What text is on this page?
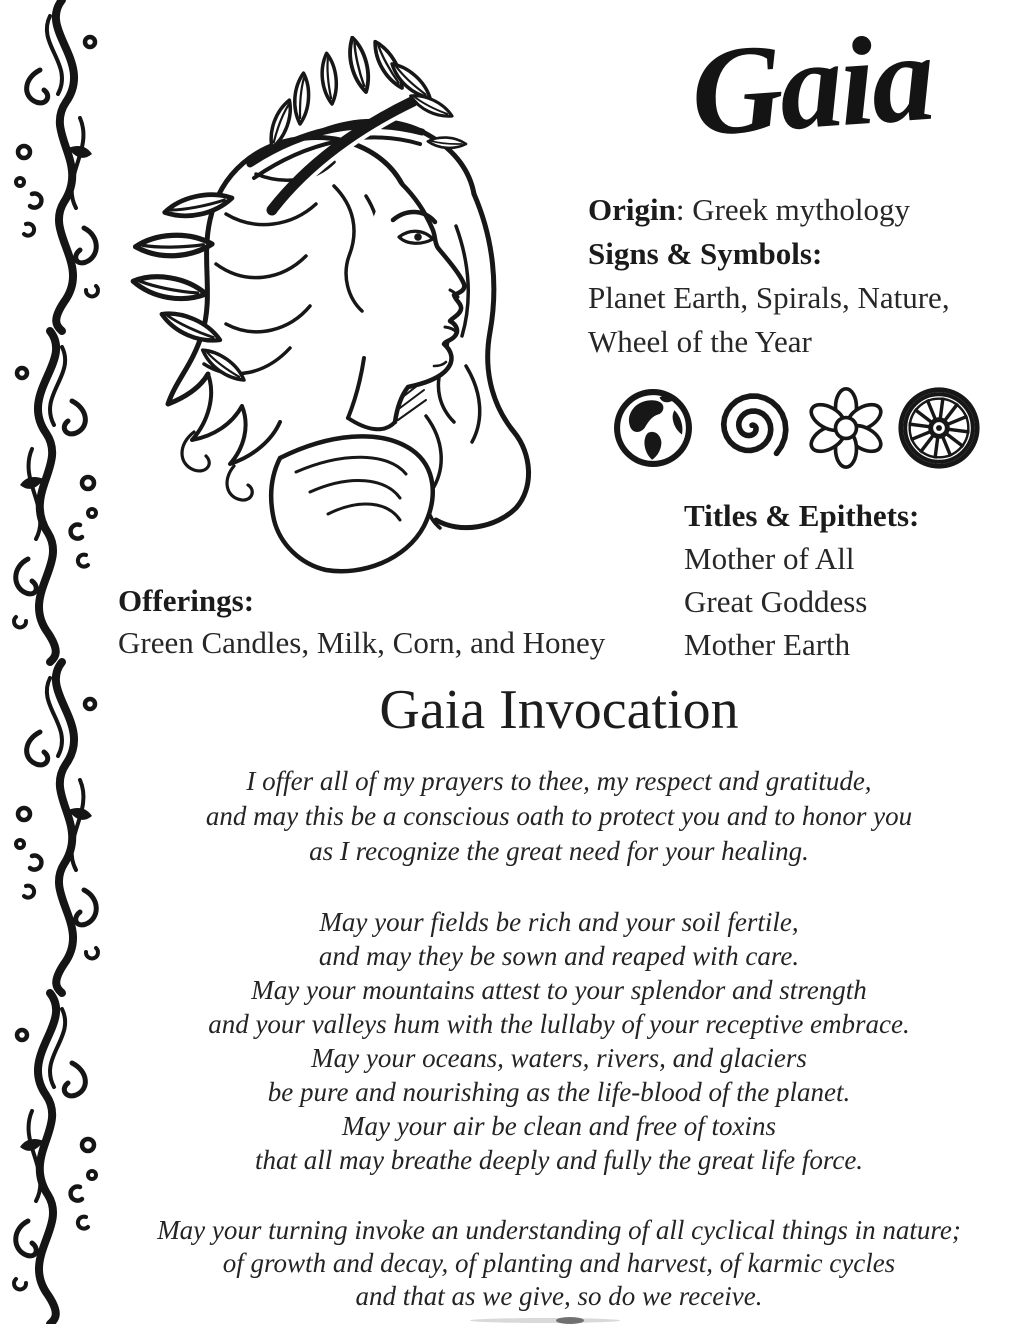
Gaia
Origin: Greek mythology
Signs & Symbols:
Planet Earth, Spirals, Nature,
Wheel of the Year
Titles & Epithets:
Mother of All
Great Goddess
Mother Earth
Offerings:
Green Candles, Milk, Corn, and Honey
Gaia Invocation
I offer all of my prayers to thee, my respect and gratitude,
and may this be a conscious oath to protect you and to honor you
as I recognize the great need for your healing.
May your fields be rich and your soil fertile,
and may they be sown and reaped with care.
May your mountains attest to your splendor and strength
and your valleys hum with the lullaby of your receptive embrace.
May your oceans, waters, rivers, and glaciers
be pure and nourishing as the life-blood of the planet.
May your air be clean and free of toxins
that all may breathe deeply and fully the great life force.
May your turning invoke an understanding of all cyclical things in nature;
of growth and decay, of planting and harvest, of karmic cycles
and that as we give, so do we receive.
